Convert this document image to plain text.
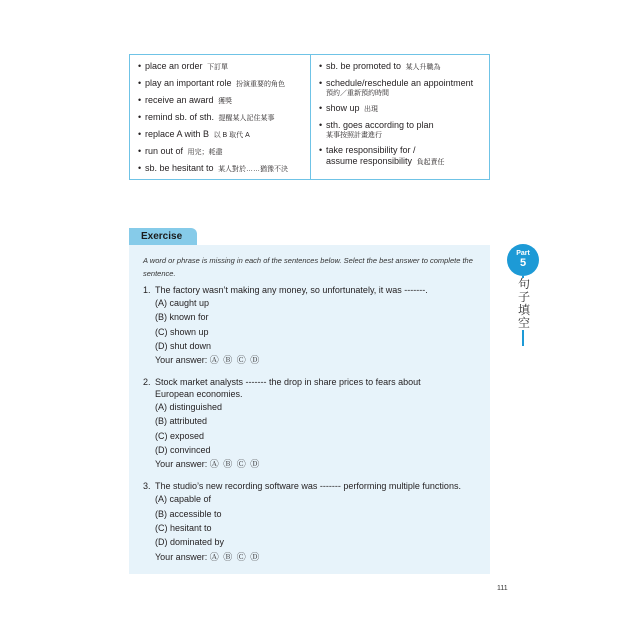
• place an order 下訂單
• play an important role 扮演重要的角色
• receive an award 獲獎
• remind sb. of sth. 提醒某人記住某事
• replace A with B 以 B 取代 A
• run out of 用完；耗盡
• sb. be hesitant to 某人對於……猶豫不決
• sb. be promoted to 某人升職為
• schedule/reschedule an appointment
預約／重新預約時間
• show up 出現
• sth. goes according to plan
某事按照計畫進行
• take responsibility for /
assume responsibility 負起責任
Exercise

A word or phrase is missing in each of the sentences below. Select the best answer to complete the sentence.

1. The factory wasn’t making any money, so unfortunately, it was -------.
(A) caught up
(B) known for
(C) shown up
(D) shut down
Your answer: Ⓐ Ⓑ Ⓒ Ⓓ
2. Stock market analysts ------- the drop in share prices to fears about
European economies.
(A) distinguished
(B) attributed
(C) exposed
(D) convinced
Your answer: Ⓐ Ⓑ Ⓒ Ⓓ
3. The studio’s new recording software was ------- performing multiple functions.
(A) capable of
(B) accessible to
(C) hesitant to
(D) dominated by
Your answer: Ⓐ Ⓑ Ⓒ Ⓓ
Part
5
句子填空
111
